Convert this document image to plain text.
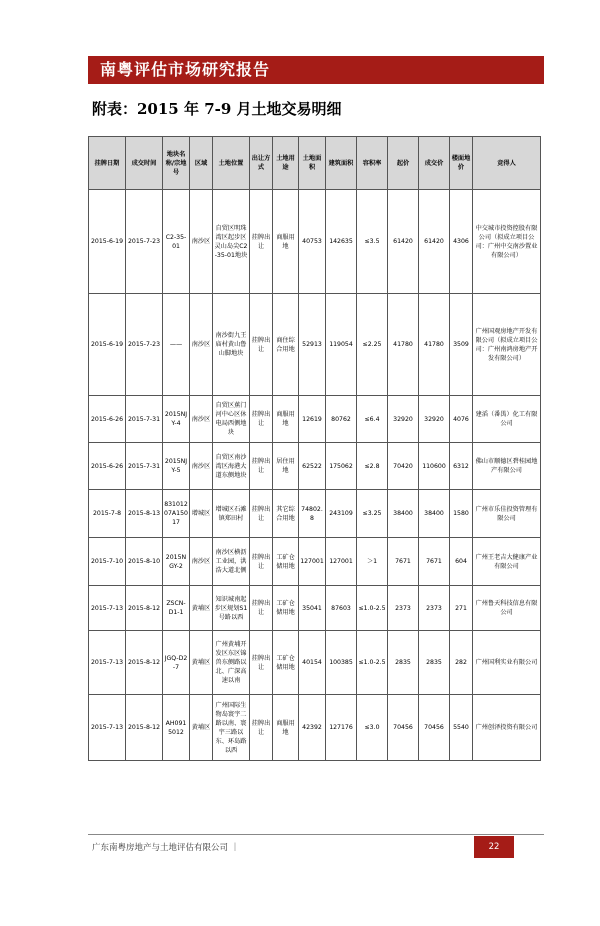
南粤评估市场研究报告
附表：2015 年 7-9 月土地交易明细
挂牌日期	成交时间	地块名称/宗地号	区域	土地位置	出让方式	土地用途	土地面积	建筑面积	容积率	起价	成交价	楼面地价	竞得人
2015-6-19	2015-7-23	C2-35-01	南沙区	自贸区明珠湾区起步区灵山岛尖C2-35-01地块	挂牌出让	商服用地	40753	142635	≤3.5	61420	61420	4306	中交城市投资控股有限公司（拟成立项目公司：广州中交南沙置业有限公司）
2015-6-19	2015-7-23	——	南沙区	南沙街九王庙村黄山鲁山脚地块	挂牌出让	商住综合用地	52913	119054	≤2.25	41780	41780	3509	广州国观房地产开发有限公司（拟成立项目公司：广州南鸿房地产开发有限公司）
2015-6-26	2015-7-31	2015NJY-4	南沙区	自贸区蕉门河中心区休电局西侧地块	挂牌出让	商服用地	12619	80762	≤6.4	32920	32920	4076	建滔（番禺）化工有限公司
2015-6-26	2015-7-31	2015NJY-5	南沙区	自贸区南沙湾区海港大道东侧地块	挂牌出让	居住用地	62522	175062	≤2.8	70420	110600	6312	佛山市顺德区碧桂园地产有限公司
2015-7-8	2015-8-13	83101207A15017	增城区	增城区石滩镇郑田村	挂牌出让	其它综合用地	74802.8	243109	≤3.25	38400	38400	1580	广州市乐佳投资管理有限公司
2015-7-10	2015-8-10	2015NGY-2	南沙区	南沙区横沥工业园，洪浩大道北侧	挂牌出让	工矿仓储用地	127001	127001	＞1	7671	7671	604	广州王老吉大健康产业有限公司
2015-7-13	2015-8-12	ZSCN-D1-1	黄埔区	知识城南起步区规划S1号路以西	挂牌出让	工矿仓储用地	35041	87603	≤1.0-2.5	2373	2373	271	广州鲁天科技信息有限公司
2015-7-13	2015-8-12	JGQ-D2-7	黄埔区	广州黄埔开发区东区锦兽东侧路以北、广深高速以南	挂牌出让	工矿仓储用地	40154	100385	≤1.0-2.5	2835	2835	282	广州国利实业有限公司
2015-7-13	2015-8-12	AH0915012	黄埔区	广州国际生物岛寰宇二路以南、寰宇三路以东、环岛路以西	挂牌出让	商服用地	42392	127176	≤3.0	70456	70456	5540	广州创泽投资有限公司
广东南粤房地产与土地评估有限公司 ｜	22
